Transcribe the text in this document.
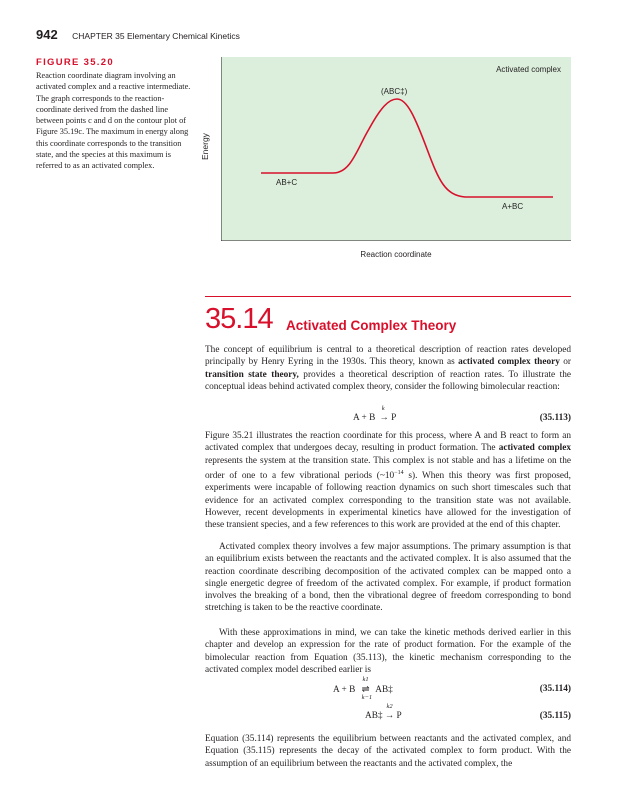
942 CHAPTER 35 Elementary Chemical Kinetics
FIGURE 35.20
Reaction coordinate diagram involving an activated complex and a reactive intermediate. The graph corresponds to the reaction-coordinate derived from the dashed line between points c and d on the contour plot of Figure 35.19c. The maximum in energy along this coordinate corresponds to the transition state, and the species at this maximum is referred to as an activated complex.
Energy
Activated complex
(ABC‡)
AB+C
A+BC
Reaction coordinate
35.14 Activated Complex Theory

The concept of equilibrium is central to a theoretical description of reaction rates developed principally by Henry Eyring in the 1930s. This theory, known as activated complex theory or transition state theory, provides a theoretical description of reaction rates. To illustrate the conceptual ideas behind activated complex theory, consider the following bimolecular reaction:

A + B  
k
→ P	(35.113)

Figure 35.21 illustrates the reaction coordinate for this process, where A and B react to form an activated complex that undergoes decay, resulting in product formation. The activated complex represents the system at the transition state. This complex is not stable and has a lifetime on the order of one to a few vibrational periods ($\sim 10^{-14}$ s). When this theory was first proposed, experiments were incapable of following reaction dynamics on such short timescales such that evidence for an activated complex corresponding to the transition state was not available. However, recent developments in experimental kinetics have allowed for the investigation of these transient species, and a few references to this work are provided at the end of this chapter.

Activated complex theory involves a few major assumptions. The primary assumption is that an equilibrium exists between the reactants and the activated complex. It is also assumed that the reaction coordinate describing decomposition of the activated complex can be mapped onto a single energetic degree of freedom of the activated complex. For example, if product formation involves the breaking of a bond, then the vibrational degree of freedom corresponding to bond stretching is taken to be the reactive coordinate.

With these approximations in mind, we can take the kinetic methods derived earlier in this chapter and develop an expression for the rate of product formation. For the example of the bimolecular reaction from Equation (35.113), the kinetic mechanism corresponding to the activated complex model described earlier is

A + B ⇌
k1
k−1
AB‡	(35.114)
AB‡ →
k2
P	(35.115)

Equation (35.114) represents the equilibrium between reactants and the activated complex, and Equation (35.115) represents the decay of the activated complex to form product. With the assumption of an equilibrium between the reactants and the activated complex, the
